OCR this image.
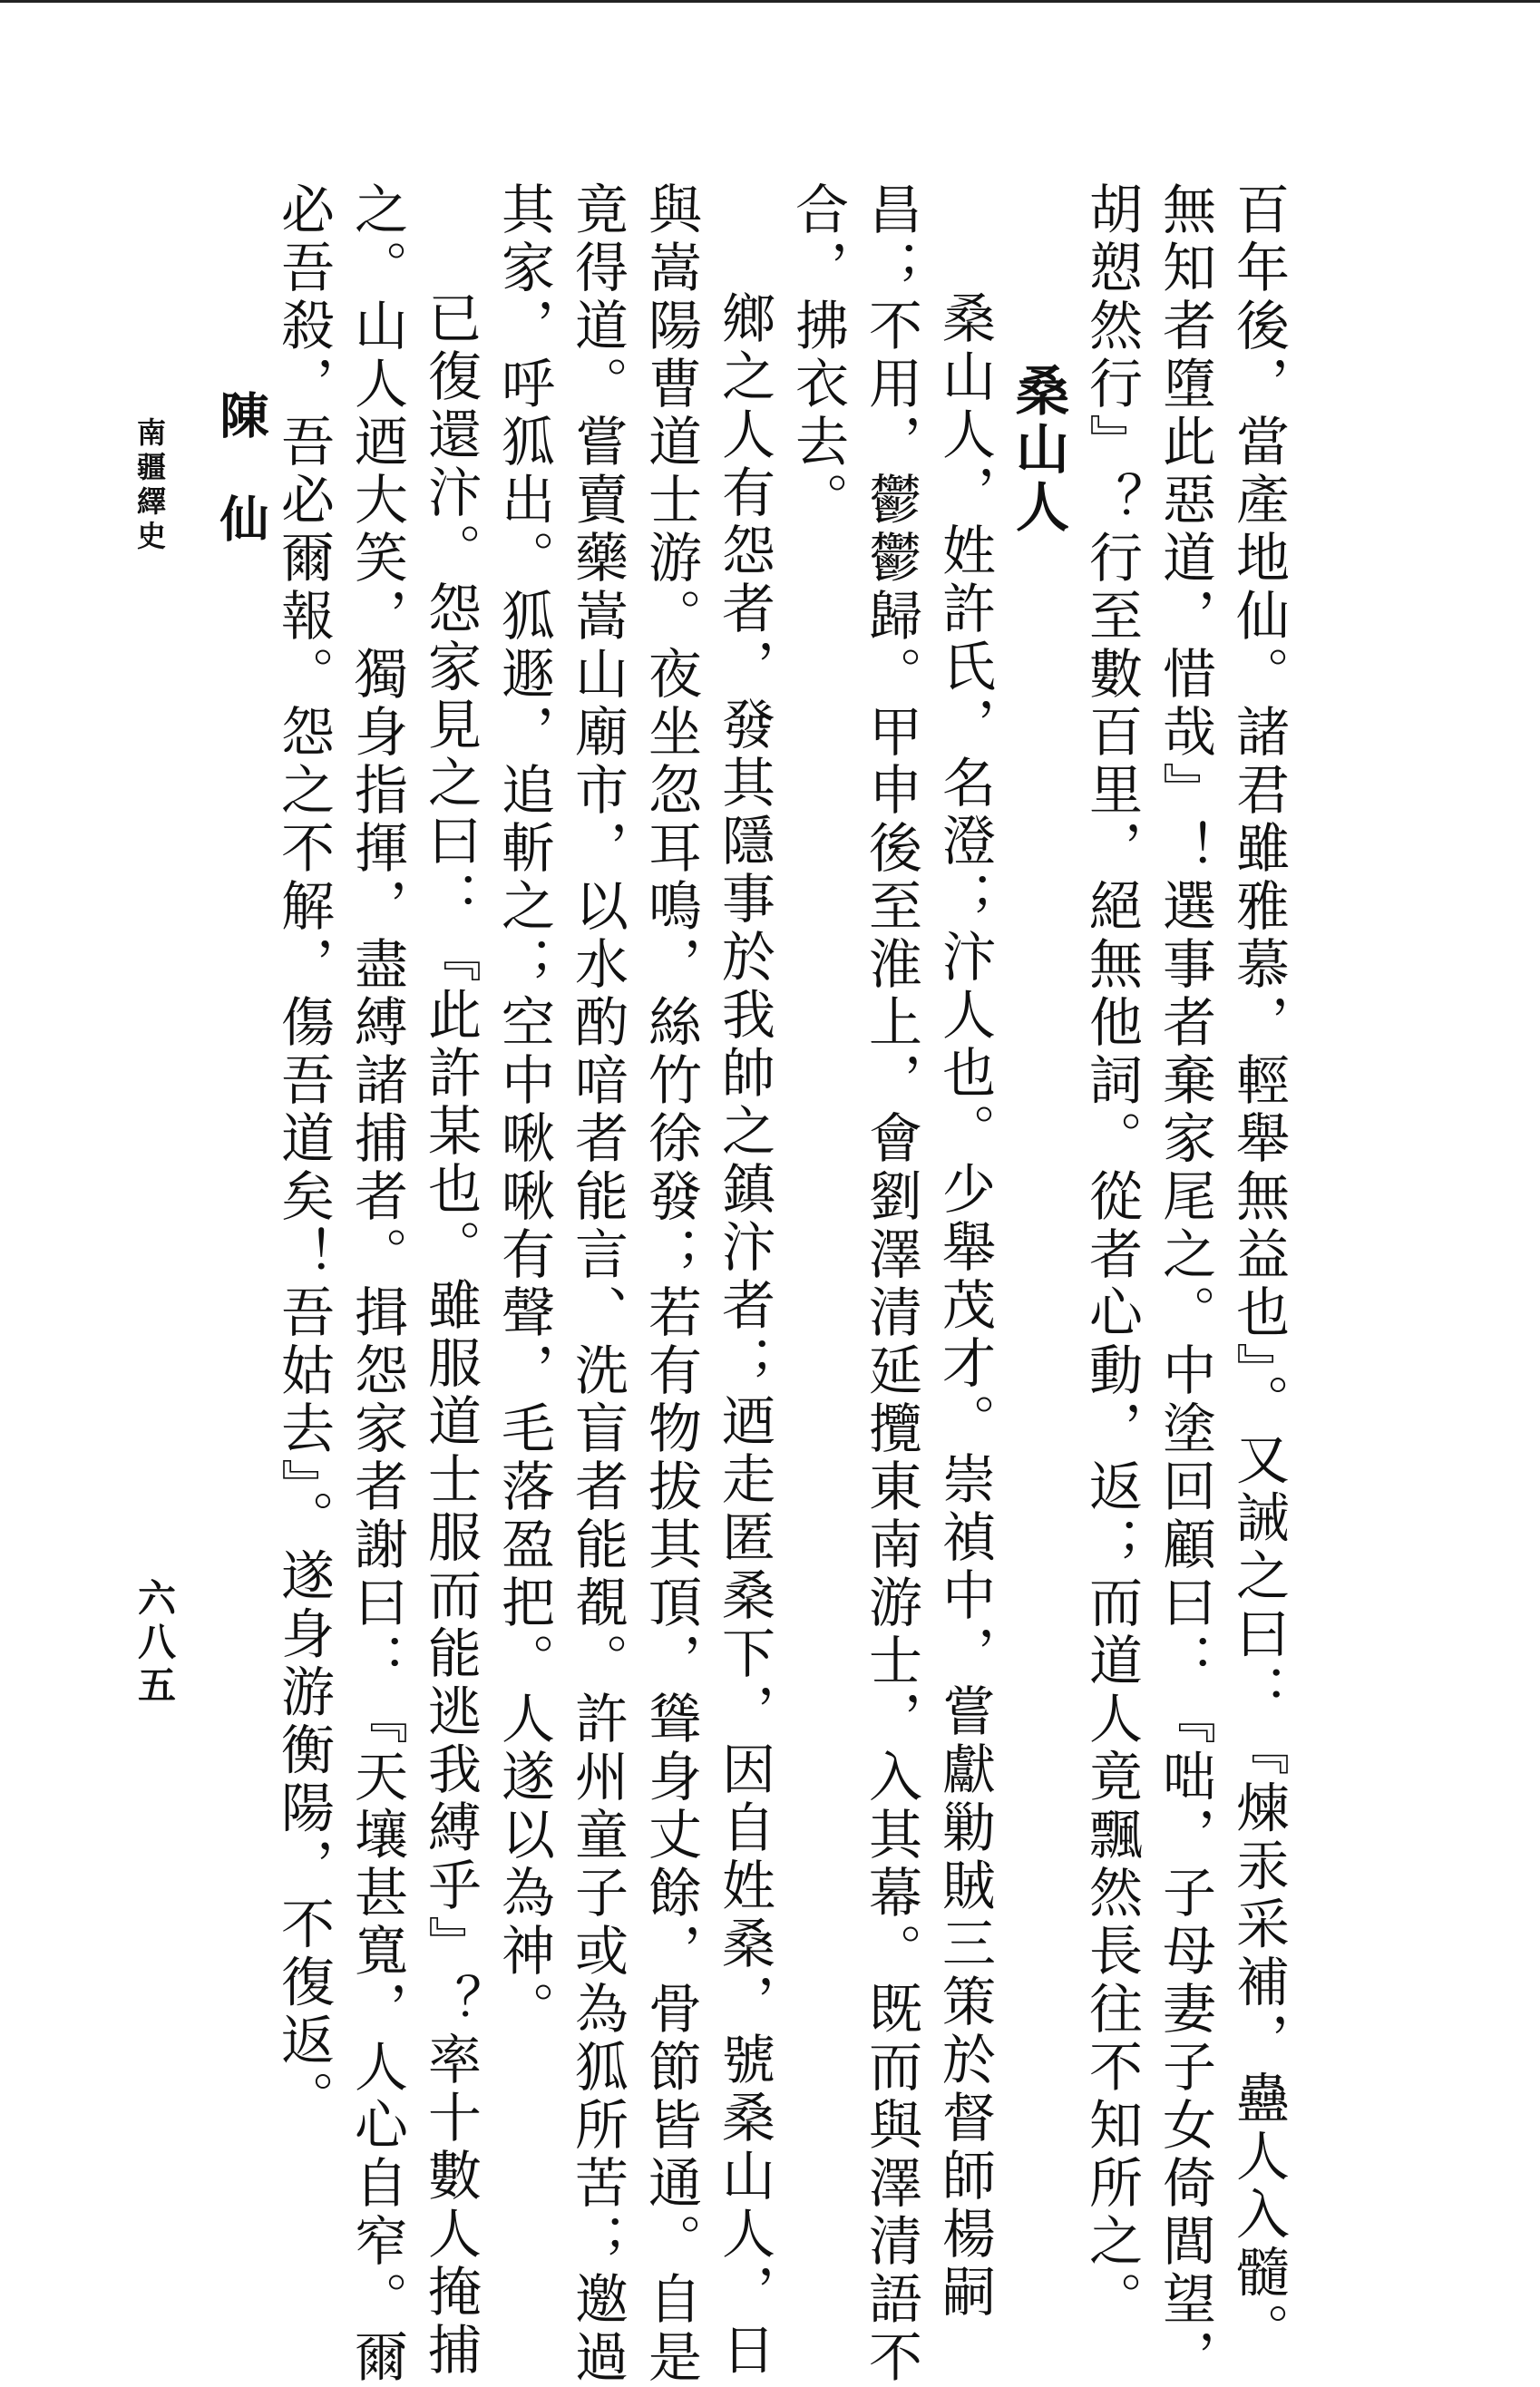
百年後，當產地仙。諸君雖雅慕，輕舉無益也』。又誡之曰：『煉汞采補，蠱人入髓。
無知者墮此惡道，惜哉』！選事者棄家尾之。中塗回顧曰：『咄，子母妻子女倚閭望，
胡愬然行』？行至數百里，絕無他詞。從者心動，返；而道人竟飄然長往不知所之。
桑山人
桑山人，姓許氏，名澄；汴人也。少舉茂才。崇禎中，嘗獻勦賊三策於督師楊嗣
昌；不用，鬱鬱歸。甲申後至淮上，會劉澤清延攬東南游士，入其幕。既而與澤清語不
合，拂衣去。
鄉之人有怨者，發其隱事於我帥之鎮汴者；迺走匿桑下，因自姓桑，號桑山人，日
與嵩陽曹道士游。夜坐忽耳鳴，絲竹徐發；若有物拔其頂，聳身丈餘，骨節皆通。自是
竟得道。嘗賣藥嵩山廟市，以水酌喑者能言、洗盲者能覩。許州童子或為狐所苦；邀過
其家，呼狐出。狐遯，追斬之；空中啾啾有聲，毛落盈把。人遂以為神。
已復還汴。怨家見之曰：『此許某也。雖服道士服而能逃我縛乎』？率十數人掩捕
之。山人迺大笑，獨身指揮，盡縛諸捕者。揖怨家者謝曰：『天壤甚寬，人心自窄。爾
必吾殺，吾必爾報。怨之不解，傷吾道矣！吾姑去』。遂身游衡陽，不復返。
陳仙
南疆繹史
六八五
